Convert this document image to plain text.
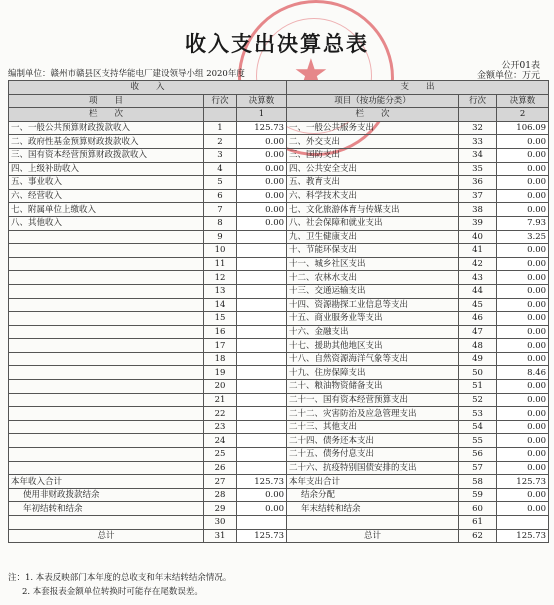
★
收入支出决算总表
公开01表
编制单位：赣州市赣县区支持华能电厂建设领导小组 2020年度	金额单位：万元
收　　入			支　　出		
项　　目	行次	决算数	项目（按功能分类）	行次	决算数
栏　　次		1	栏　　次		2
一、一般公共预算财政拨款收入	1	125.73	一、一般公共服务支出	32	106.09
二、政府性基金预算财政拨款收入	2	0.00	二、外交支出	33	0.00
三、国有资本经营预算财政拨款收入	3	0.00	三、国防支出	34	0.00
四、上级补助收入	4	0.00	四、公共安全支出	35	0.00
五、事业收入	5	0.00	五、教育支出	36	0.00
六、经营收入	6	0.00	六、科学技术支出	37	0.00
七、附属单位上缴收入	7	0.00	七、文化旅游体育与传媒支出	38	0.00
八、其他收入	8	0.00	八、社会保障和就业支出	39	7.93
	9		九、卫生健康支出	40	3.25
	10		十、节能环保支出	41	0.00
	11		十一、城乡社区支出	42	0.00
	12		十二、农林水支出	43	0.00
	13		十三、交通运输支出	44	0.00
	14		十四、资源勘探工业信息等支出	45	0.00
	15		十五、商业服务业等支出	46	0.00
	16		十六、金融支出	47	0.00
	17		十七、援助其他地区支出	48	0.00
	18		十八、自然资源海洋气象等支出	49	0.00
	19		十九、住房保障支出	50	8.46
	20		二十、粮油物资储备支出	51	0.00
	21		二十一、国有资本经营预算支出	52	0.00
	22		二十二、灾害防治及应急管理支出	53	0.00
	23		二十三、其他支出	54	0.00
	24		二十四、债务还本支出	55	0.00
	25		二十五、债务付息支出	56	0.00
	26		二十六、抗疫特别国债安排的支出	57	0.00
本年收入合计	27	125.73	本年支出合计	58	125.73
使用非财政拨款结余	28	0.00	结余分配	59	0.00
年初结转和结余	29	0.00	年末结转和结余	60	0.00
	30			61	
总计	31	125.73	总计	62	125.73
注：1. 本表反映部门本年度的总收支和年末结转结余情况。
2. 本套报表金额单位转换时可能存在尾数误差。
